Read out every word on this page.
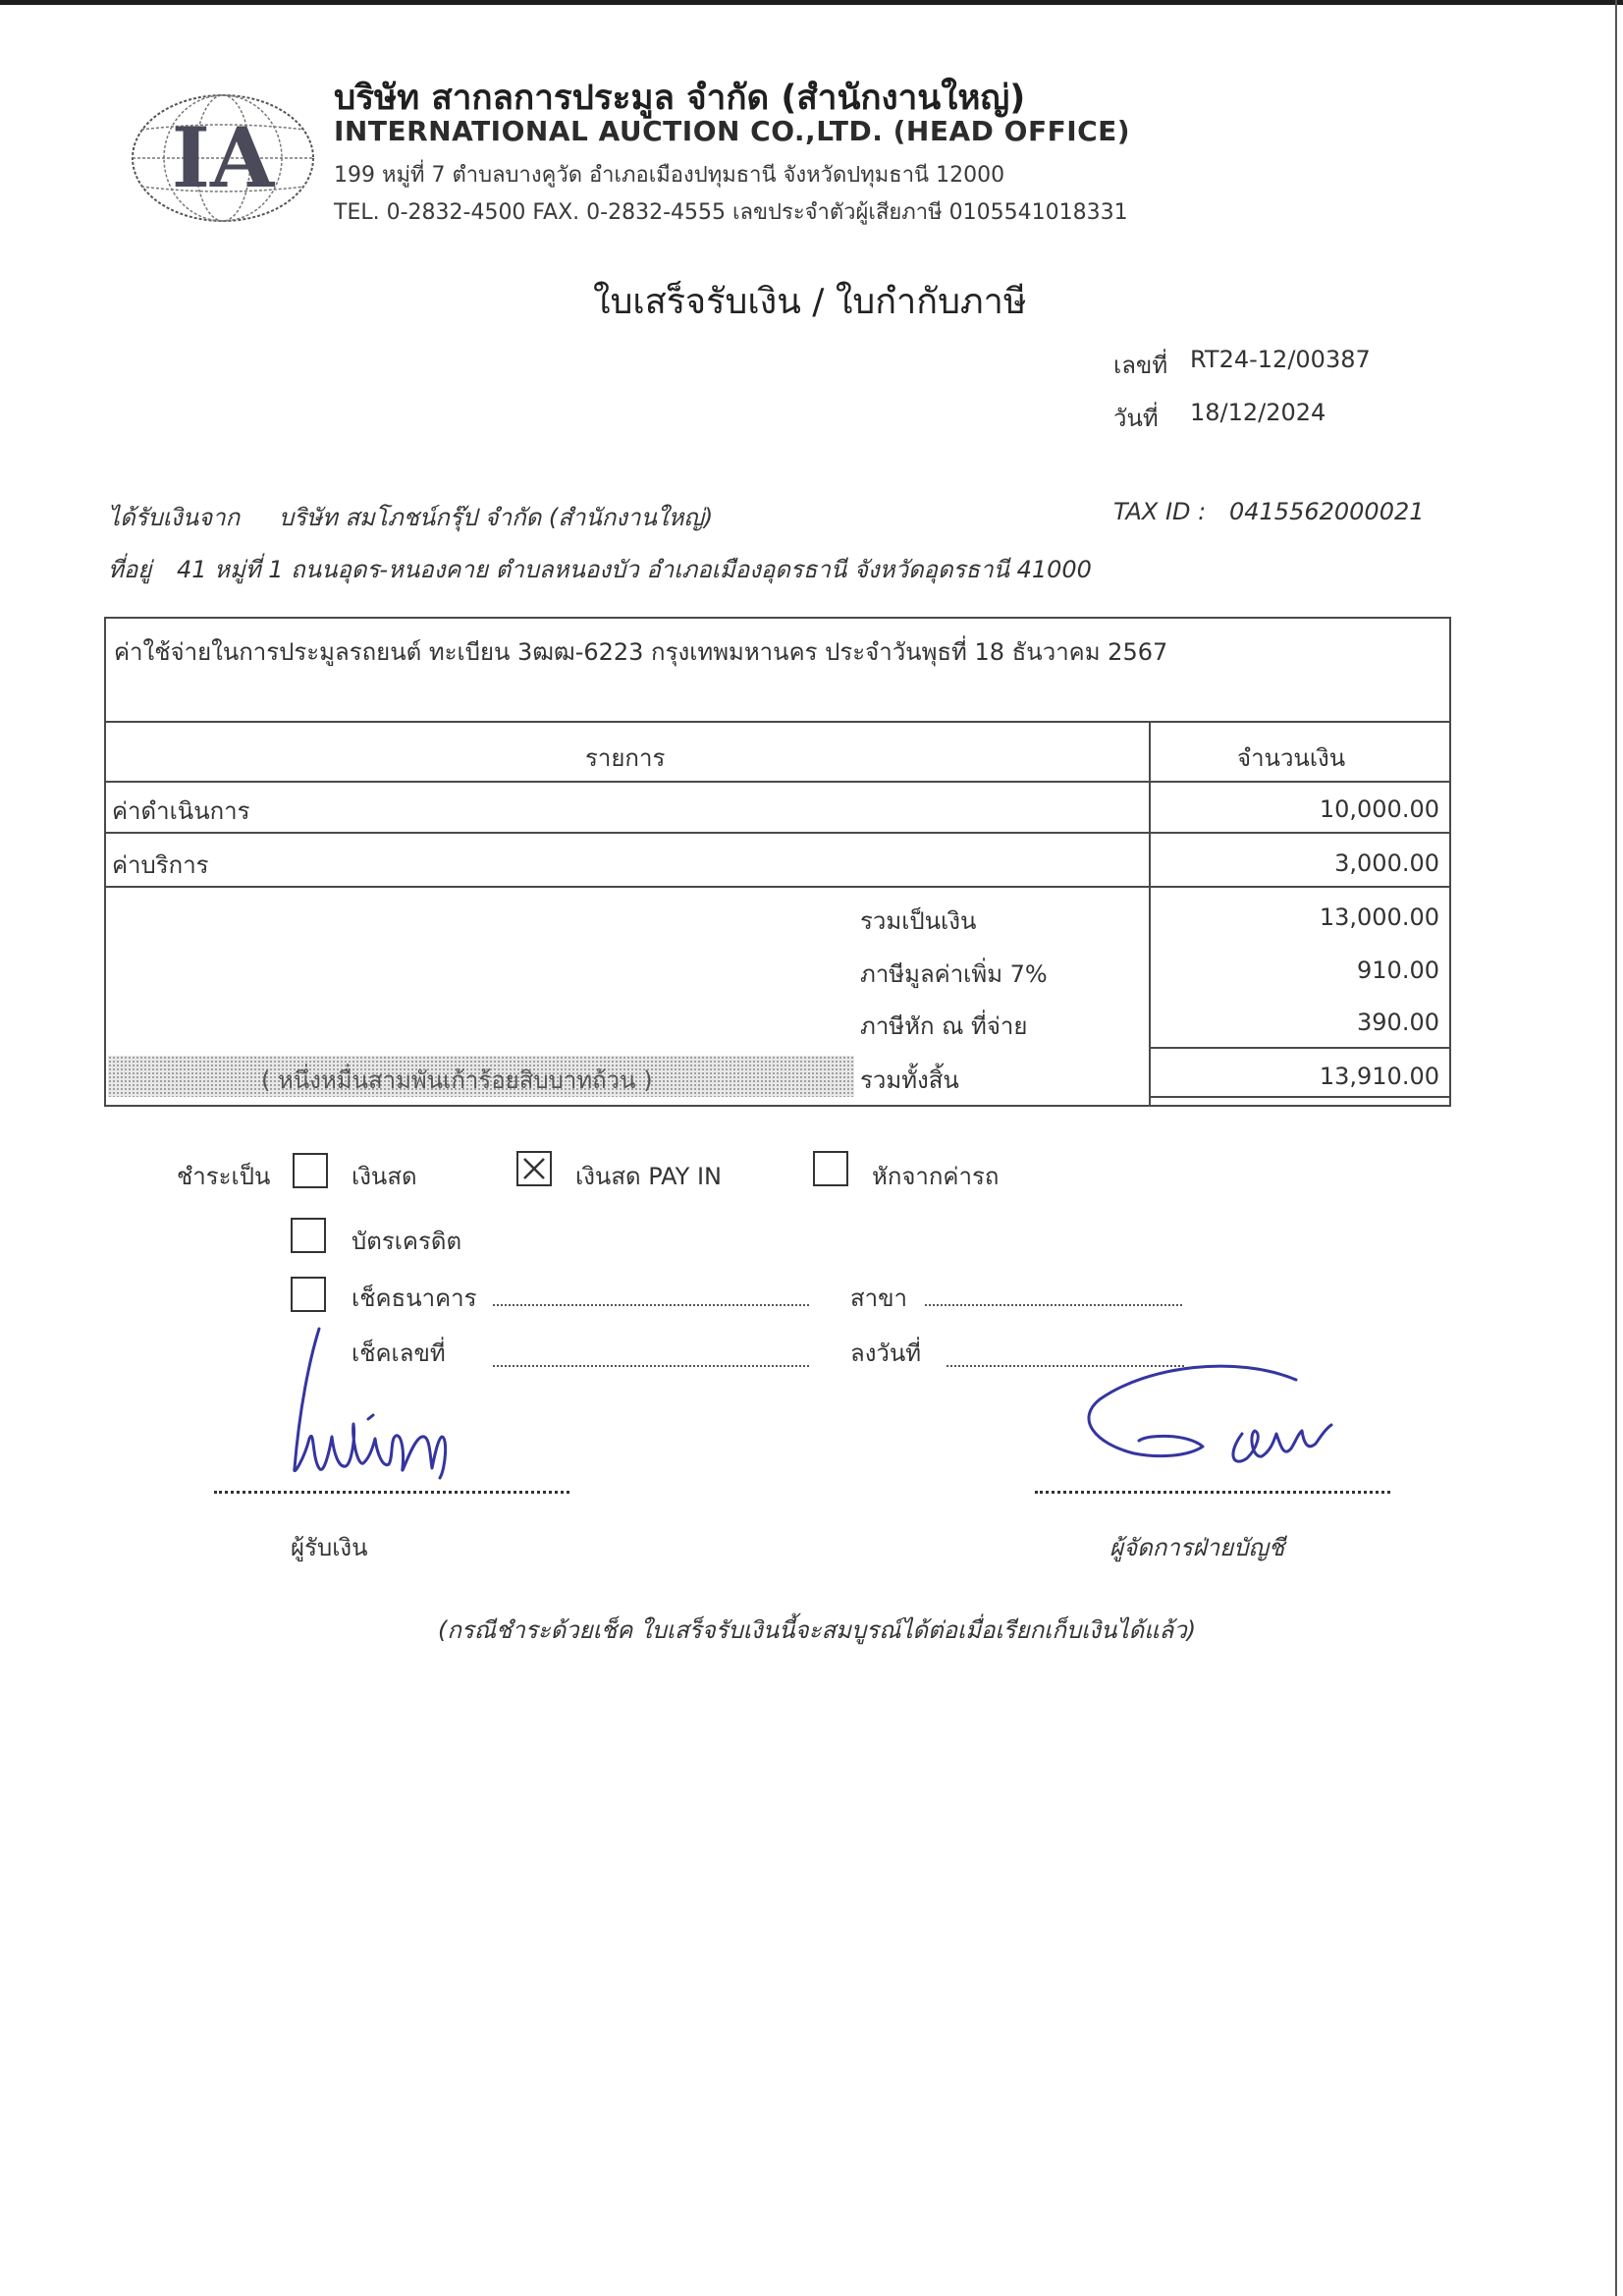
IA
บริษัท สากลการประมูล จำกัด (สำนักงานใหญ่)
INTERNATIONAL AUCTION CO.,LTD. (HEAD OFFICE)
199 หมู่ที่ 7 ตำบลบางคูวัด อำเภอเมืองปทุมธานี จังหวัดปทุมธานี 12000
TEL. 0-2832-4500 FAX. 0-2832-4555 เลขประจำตัวผู้เสียภาษี 0105541018331
ใบเสร็จรับเงิน / ใบกำกับภาษี
เลขที่ RT24-12/00387
วันที่ 18/12/2024
ได้รับเงินจาก บริษัท สมโภชน์กรุ๊ป จำกัด (สำนักงานใหญ่)	TAX ID : 0415562000021
ที่อยู่ 41 หมู่ที่ 1 ถนนอุดร-หนองคาย ตำบลหนองบัว อำเภอเมืองอุดรธานี จังหวัดอุดรธานี 41000
ค่าใช้จ่ายในการประมูลรถยนต์ ทะเบียน 3ฒฒ-6223 กรุงเทพมหานคร ประจำวันพุธที่ 18 ธันวาคม 2567
รายการ	จำนวนเงิน
ค่าดำเนินการ	10,000.00
ค่าบริการ	3,000.00
รวมเป็นเงิน	13,000.00
ภาษีมูลค่าเพิ่ม 7%	910.00
ภาษีหัก ณ ที่จ่าย	390.00
( หนึ่งหมื่นสามพันเก้าร้อยสิบบาทถ้วน )	รวมทั้งสิ้น	13,910.00
ชำระเป็น	เงินสด	เงินสด PAY IN	หักจากค่ารถ
บัตรเครดิต
เช็คธนาคาร	สาขา
เช็คเลขที่	ลงวันที่
ผู้รับเงิน	ผู้จัดการฝ่ายบัญชี
(กรณีชำระด้วยเช็ค ใบเสร็จรับเงินนี้จะสมบูรณ์ได้ต่อเมื่อเรียกเก็บเงินได้แล้ว)
